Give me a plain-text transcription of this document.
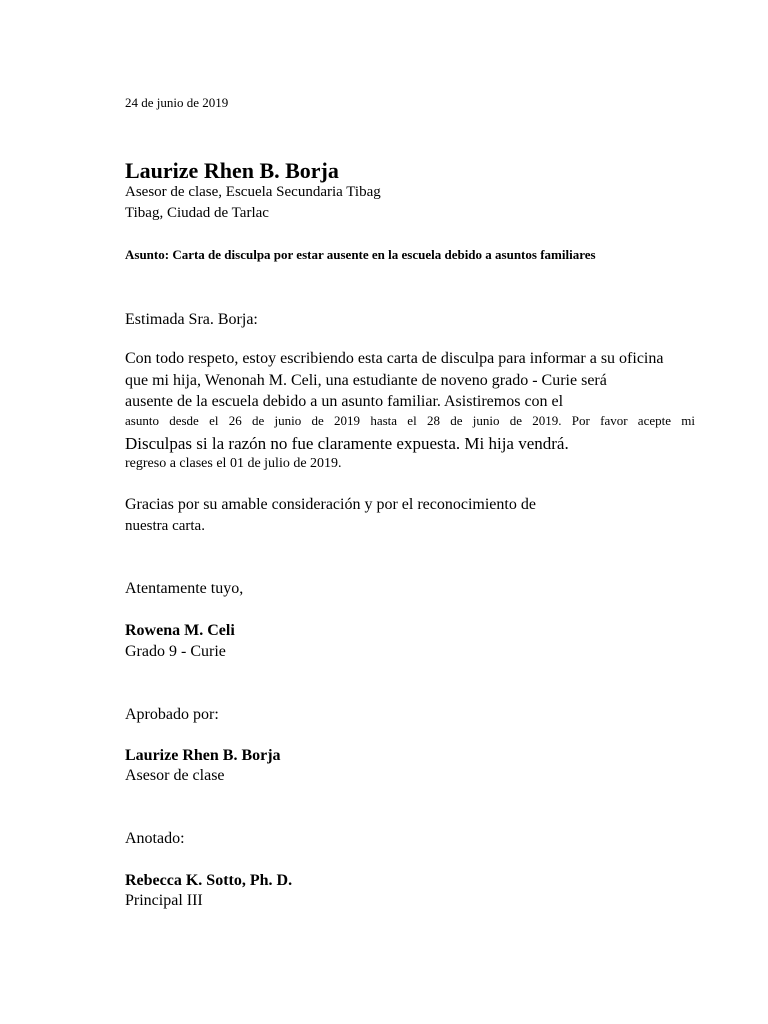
24 de junio de 2019
Laurize Rhen B. Borja
Asesor de clase, Escuela Secundaria Tibag
Tibag, Ciudad de Tarlac
Asunto: Carta de disculpa por estar ausente en la escuela debido a asuntos familiares
Estimada Sra. Borja:
Con todo respeto, estoy escribiendo esta carta de disculpa para informar a su oficina
que mi hija, Wenonah M. Celi, una estudiante de noveno grado - Curie será
ausente de la escuela debido a un asunto familiar. Asistiremos con el
asunto desde el 26 de junio de 2019 hasta el 28 de junio de 2019. Por favor acepte mi
Disculpas si la razón no fue claramente expuesta. Mi hija vendrá.
regreso a clases el 01 de julio de 2019.
Gracias por su amable consideración y por el reconocimiento de
nuestra carta.
Atentamente tuyo,
Rowena M. Celi
Grado 9 - Curie
Aprobado por:
Laurize Rhen B. Borja
Asesor de clase
Anotado:
Rebecca K. Sotto, Ph. D.
Principal III
